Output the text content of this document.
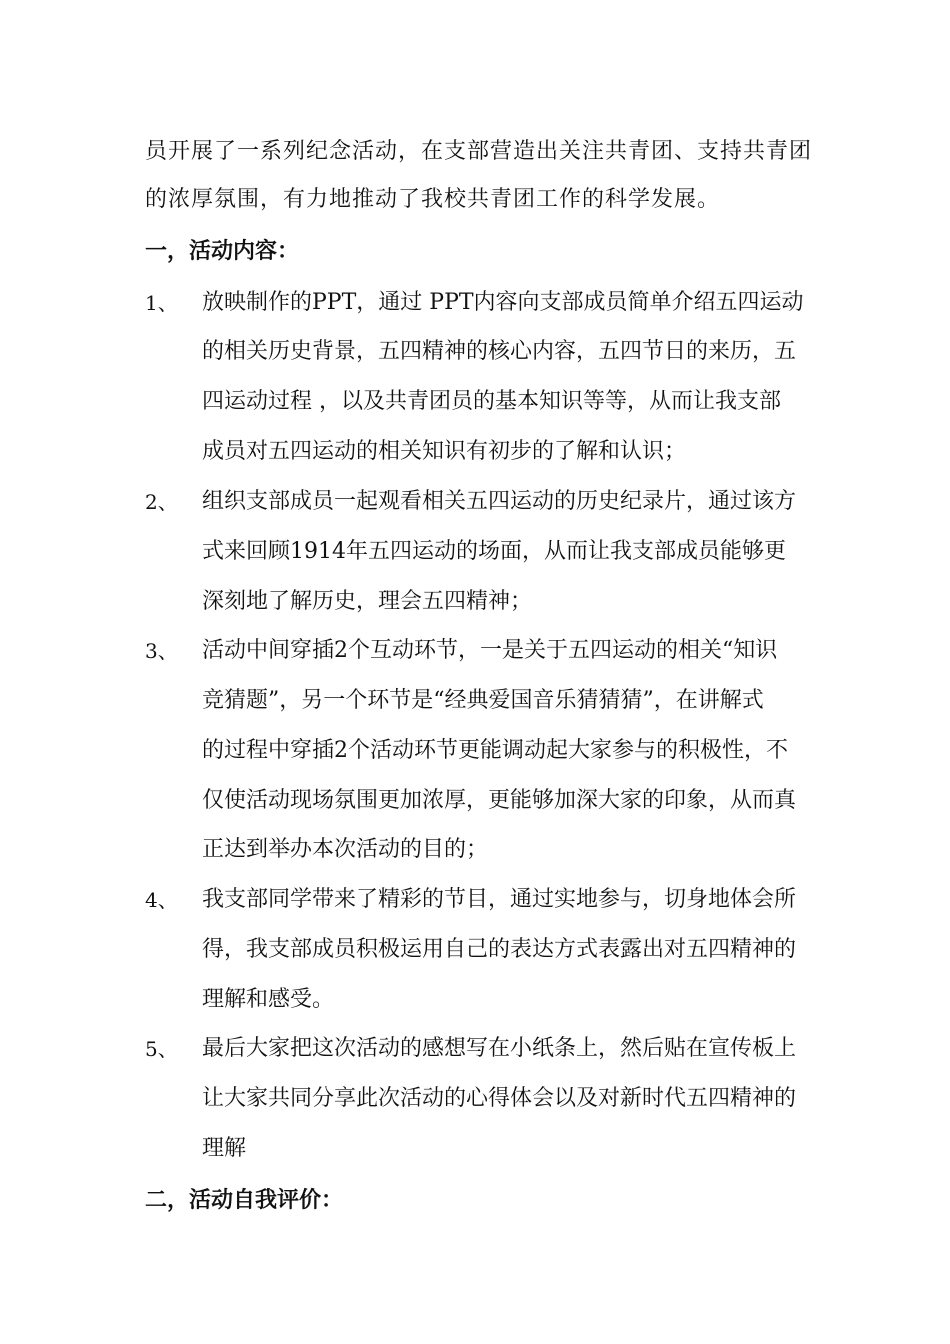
员开展了一系列纪念活动，在支部营造出关注共青团、支持共青团
的浓厚氛围，有力地推动了我校共青团工作的科学发展。
一，活动内容：
1、 放映制作的PPT，通过 PPT内容向支部成员简单介绍五四运动
的相关历史背景，五四精神的核心内容，五四节日的来历，五
四运动过程 ，以及共青团员的基本知识等等，从而让我支部
成员对五四运动的相关知识有初步的了解和认识；
2、 组织支部成员一起观看相关五四运动的历史纪录片，通过该方
式来回顾1914年五四运动的场面，从而让我支部成员能够更
深刻地了解历史，理会五四精神；
3、 活动中间穿插2个互动环节，一是关于五四运动的相关“知识
竞猜题”，另一个环节是“经典爱国音乐猜猜猜”，在讲解式
的过程中穿插2个活动环节更能调动起大家参与的积极性，不
仅使活动现场氛围更加浓厚，更能够加深大家的印象，从而真
正达到举办本次活动的目的；
4、 我支部同学带来了精彩的节目，通过实地参与，切身地体会所
得，我支部成员积极运用自己的表达方式表露出对五四精神的
理解和感受。
5、 最后大家把这次活动的感想写在小纸条上，然后贴在宣传板上
让大家共同分享此次活动的心得体会以及对新时代五四精神的
理解
二，活动自我评价：
